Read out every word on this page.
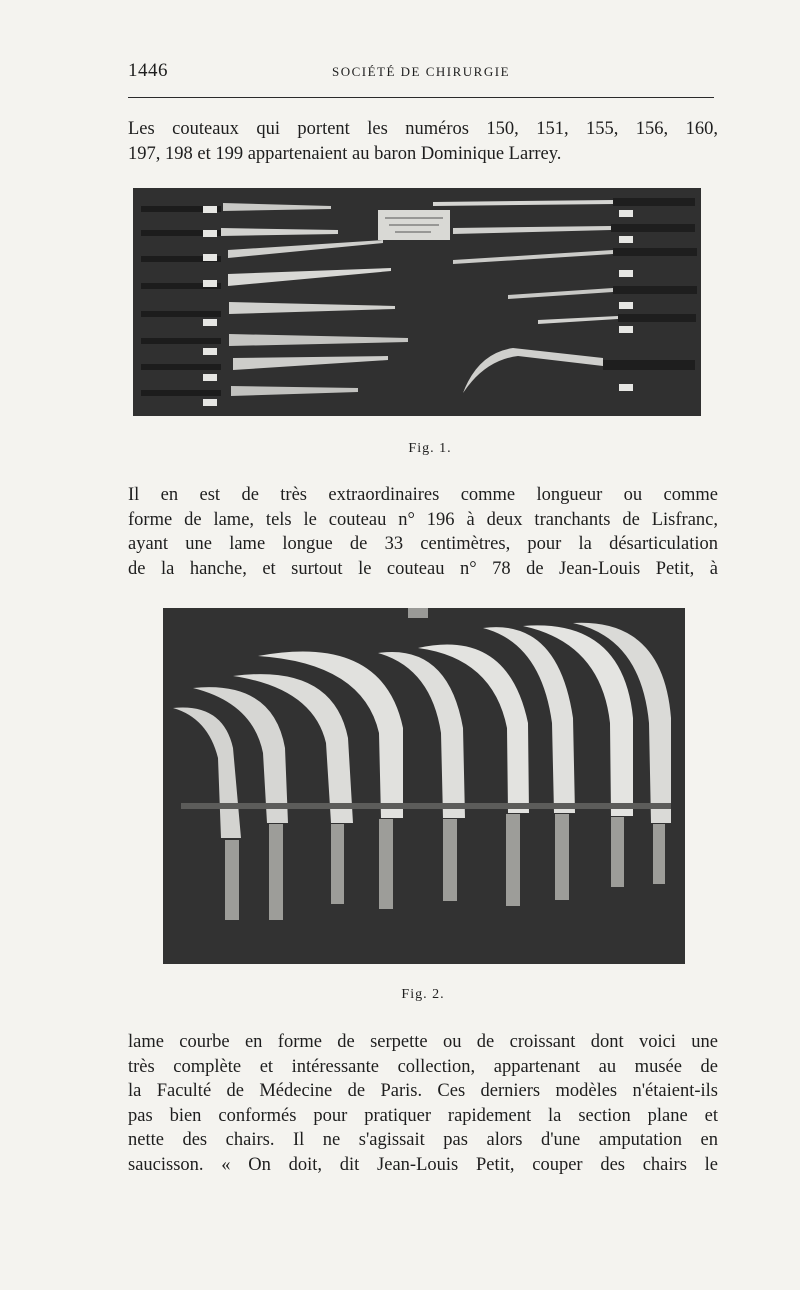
1446	SOCIÉTÉ DE CHIRURGIE

Les couteaux qui portent les numéros 150, 151, 155, 156, 160,
197, 198 et 199 appartenaient au baron Dominique Larrey.

Fig. 1.

Il en est de très extraordinaires comme longueur ou comme
forme de lame, tels le couteau n° 196 à deux tranchants de Lisfranc,
ayant une lame longue de 33 centimètres, pour la désarticulation
de la hanche, et surtout le couteau n° 78 de Jean-Louis Petit, à

Fig. 2.

lame courbe en forme de serpette ou de croissant dont voici une
très complète et intéressante collection, appartenant au musée de
la Faculté de Médecine de Paris. Ces derniers modèles n'étaient-ils
pas bien conformés pour pratiquer rapidement la section plane et
nette des chairs. Il ne s'agissait pas alors d'une amputation en
saucisson. « On doit, dit Jean-Louis Petit, couper des chairs le
